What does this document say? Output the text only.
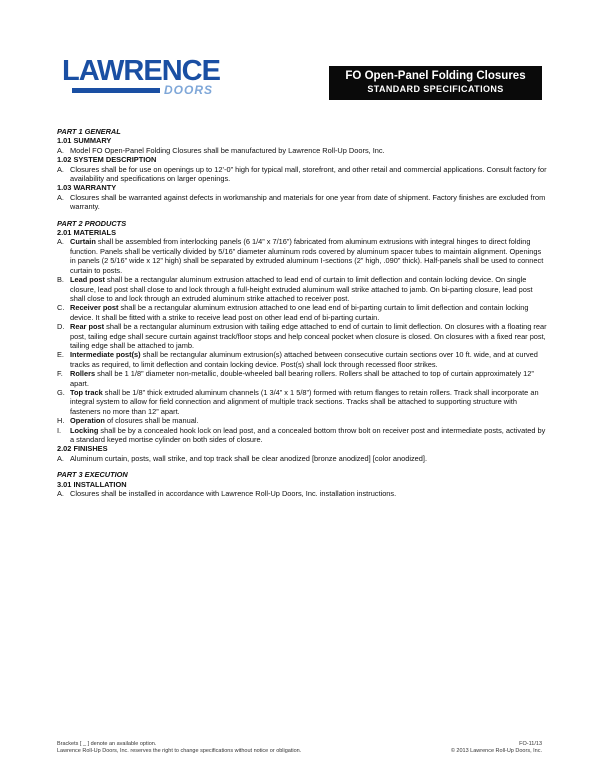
LAWRENCE
DOORS
FO Open-Panel Folding Closures
STANDARD SPECIFICATIONS
PART 1 GENERAL
1.01 SUMMARY
A. Model FO Open-Panel Folding Closures shall be manufactured by Lawrence Roll-Up Doors, Inc.
1.02 SYSTEM DESCRIPTION
A. Closures shall be for use on openings up to 12’-0” high for typical mall, storefront, and other retail and commercial applications. Consult factory for availability and specifications on larger openings.
1.03 WARRANTY
A. Closures shall be warranted against defects in workmanship and materials for one year from date of shipment. Factory finishes are excluded from warranty.
PART 2 PRODUCTS
2.01 MATERIALS
A. Curtain shall be assembled from interlocking panels (6 1/4” x 7/16”) fabricated from aluminum extrusions with integral hinges to direct folding function. Panels shall be vertically divided by 5/16” diameter aluminum rods covered by aluminum spacer tubes to maintain alignment. Openings in panels (2 5/16” wide x 12” high) shall be separated by extruded aluminum I-sections (2” high, .090” thick). Half-panels shall be used to connect curtain to posts.
B. Lead post shall be a rectangular aluminum extrusion attached to lead end of curtain to limit deflection and contain locking device. On single closure, lead post shall close to and lock through a full-height extruded aluminum wall strike attached to jamb. On bi-parting closure, lead post shall close to and lock through an extruded aluminum strike attached to receiver post.
C. Receiver post shall be a rectangular aluminum extrusion attached to one lead end of bi-parting curtain to limit deflection and contain locking device. It shall be fitted with a strike to receive lead post on other lead end of bi-parting curtain.
D. Rear post shall be a rectangular aluminum extrusion with tailing edge attached to end of curtain to limit deflection. On closures with a floating rear post, tailing edge shall secure curtain against track/floor stops and help conceal pocket when closure is closed. On closures with a fixed rear post, tailing edge shall be attached to jamb.
E. Intermediate post(s) shall be rectangular aluminum extrusion(s) attached between consecutive curtain sections over 10 ft. wide, and at curved tracks as required, to limit deflection and contain locking device. Post(s) shall lock through recessed floor strikes.
F. Rollers shall be 1 1/8” diameter non-metallic, double-wheeled ball bearing rollers. Rollers shall be attached to top of curtain approximately 12” apart.
G. Top track shall be 1/8” thick extruded aluminum channels (1 3/4” x 1 5/8”) formed with return flanges to retain rollers. Track shall incorporate an integral system to allow for field connection and alignment of multiple track sections. Tracks shall be attached to supporting structure with fasteners no more than 12” apart.
H. Operation of closures shall be manual.
I.	Locking shall be by a concealed hook lock on lead post, and a concealed bottom throw bolt on receiver post and intermediate posts, activated by a standard keyed mortise cylinder on both sides of closure.
2.02 FINISHES
A. Aluminum curtain, posts, wall strike, and top track shall be clear anodized [bronze anodized] [color anodized].
PART 3 EXECUTION
3.01 INSTALLATION
A. Closures shall be installed in accordance with Lawrence Roll-Up Doors, Inc. installation instructions.
Brackets [ _ ] denote an available option.
Lawrence Roll-Up Doors, Inc. reserves the right to change specifications without notice or obligation.
FO-11/13
© 2013 Lawrence Roll-Up Doors, Inc.
